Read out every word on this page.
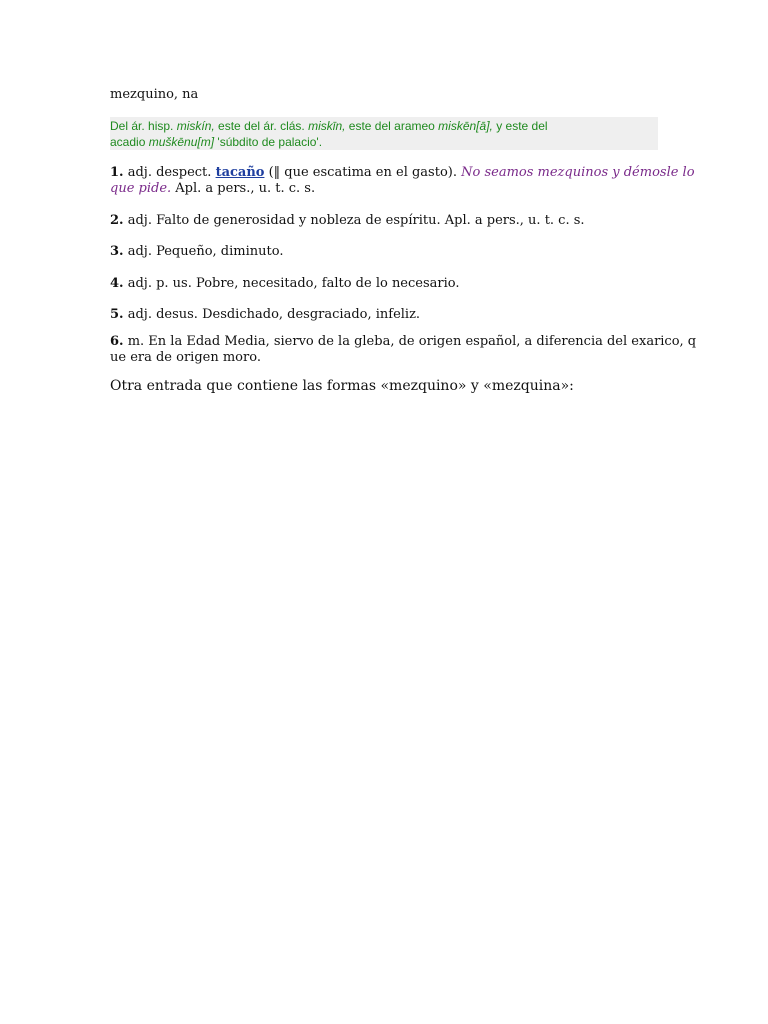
mezquino, na
Del ár. hisp. miskín, este del ár. clás. miskīn, este del arameo miskēn[ā], y este del
acadio muškēnu[m] 'súbdito de palacio'.
1. adj. despect. tacaño (‖ que escatima en el gasto). No seamos mezquinos y démosle lo
que pide. Apl. a pers., u. t. c. s.
2. adj. Falto de generosidad y nobleza de espíritu. Apl. a pers., u. t. c. s.
3. adj. Pequeño, diminuto.
4. adj. p. us. Pobre, necesitado, falto de lo necesario.
5. adj. desus. Desdichado, desgraciado, infeliz.
6. m. En la Edad Media, siervo de la gleba, de origen español, a diferencia del exarico, q
ue era de origen moro.
Otra entrada que contiene las formas «mezquino» y «mezquina»:
